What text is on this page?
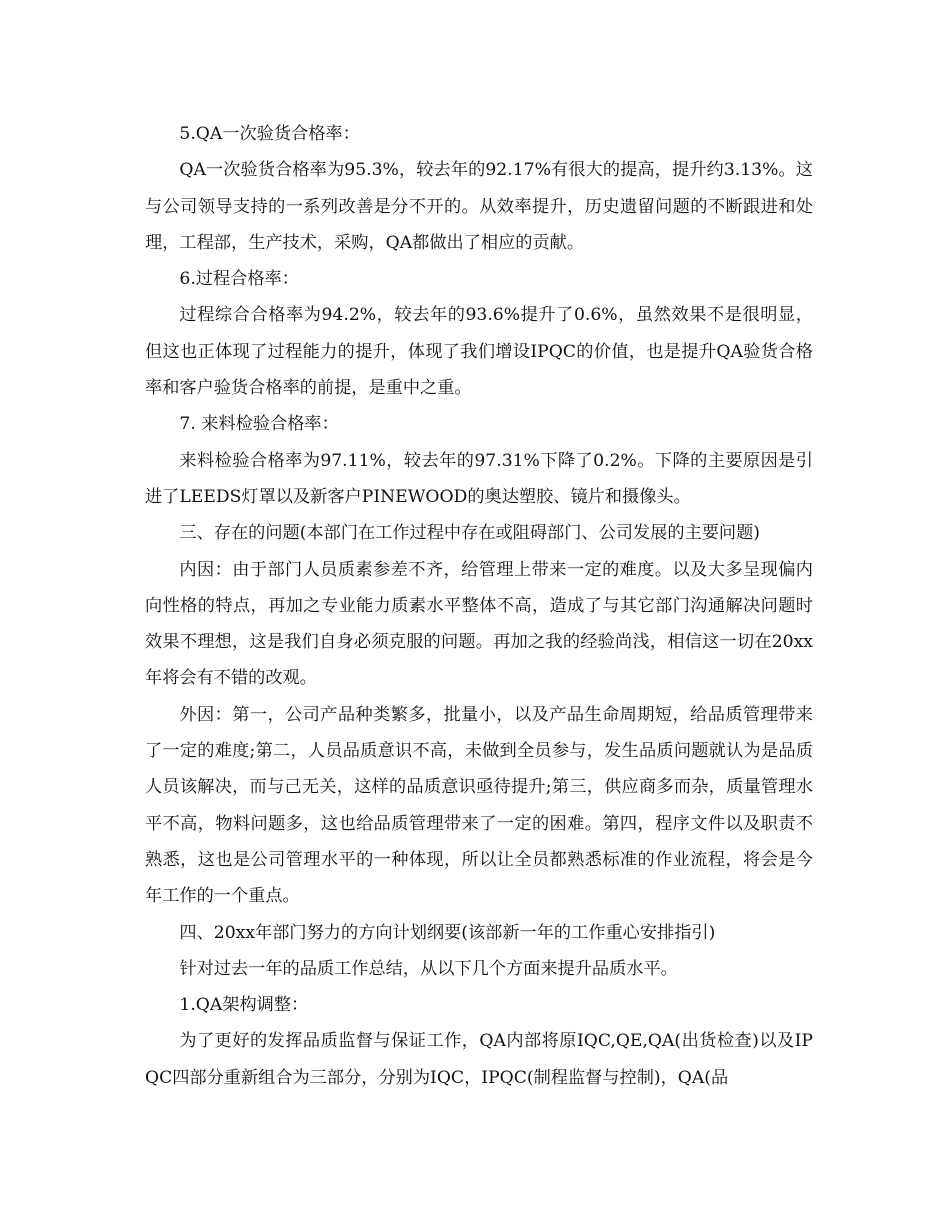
5.QA一次验货合格率：

QA一次验货合格率为95.3%，较去年的92.17%有很大的提高，提升约3.13%。这与公司领导支持的一系列改善是分不开的。从效率提升，历史遗留问题的不断跟进和处理，工程部，生产技术，采购，QA都做出了相应的贡献。

6.过程合格率：

过程综合合格率为94.2%，较去年的93.6%提升了0.6%，虽然效果不是很明显，但这也正体现了过程能力的提升，体现了我们增设IPQC的价值，也是提升QA验货合格率和客户验货合格率的前提，是重中之重。

7. 来料检验合格率：

来料检验合格率为97.11%，较去年的97.31%下降了0.2%。下降的主要原因是引进了LEEDS灯罩以及新客户PINEWOOD的奥达塑胶、镜片和摄像头。

三、存在的问题(本部门在工作过程中存在或阻碍部门、公司发展的主要问题)

内因：由于部门人员质素参差不齐，给管理上带来一定的难度。以及大多呈现偏内向性格的特点，再加之专业能力质素水平整体不高，造成了与其它部门沟通解决问题时效果不理想，这是我们自身必须克服的问题。再加之我的经验尚浅，相信这一切在20xx年将会有不错的改观。

外因：第一，公司产品种类繁多，批量小，以及产品生命周期短，给品质管理带来了一定的难度;第二，人员品质意识不高，未做到全员参与，发生品质问题就认为是品质人员该解决，而与己无关，这样的品质意识亟待提升;第三，供应商多而杂，质量管理水平不高，物料问题多，这也给品质管理带来了一定的困难。第四，程序文件以及职责不熟悉，这也是公司管理水平的一种体现，所以让全员都熟悉标准的作业流程，将会是今年工作的一个重点。

四、20xx年部门努力的方向计划纲要(该部新一年的工作重心安排指引)

针对过去一年的品质工作总结，从以下几个方面来提升品质水平。

1.QA架构调整：

为了更好的发挥品质监督与保证工作，QA内部将原IQC,QE,QA(出货检查)以及IPQC四部分重新组合为三部分，分别为IQC，IPQC(制程监督与控制)，QA(品
